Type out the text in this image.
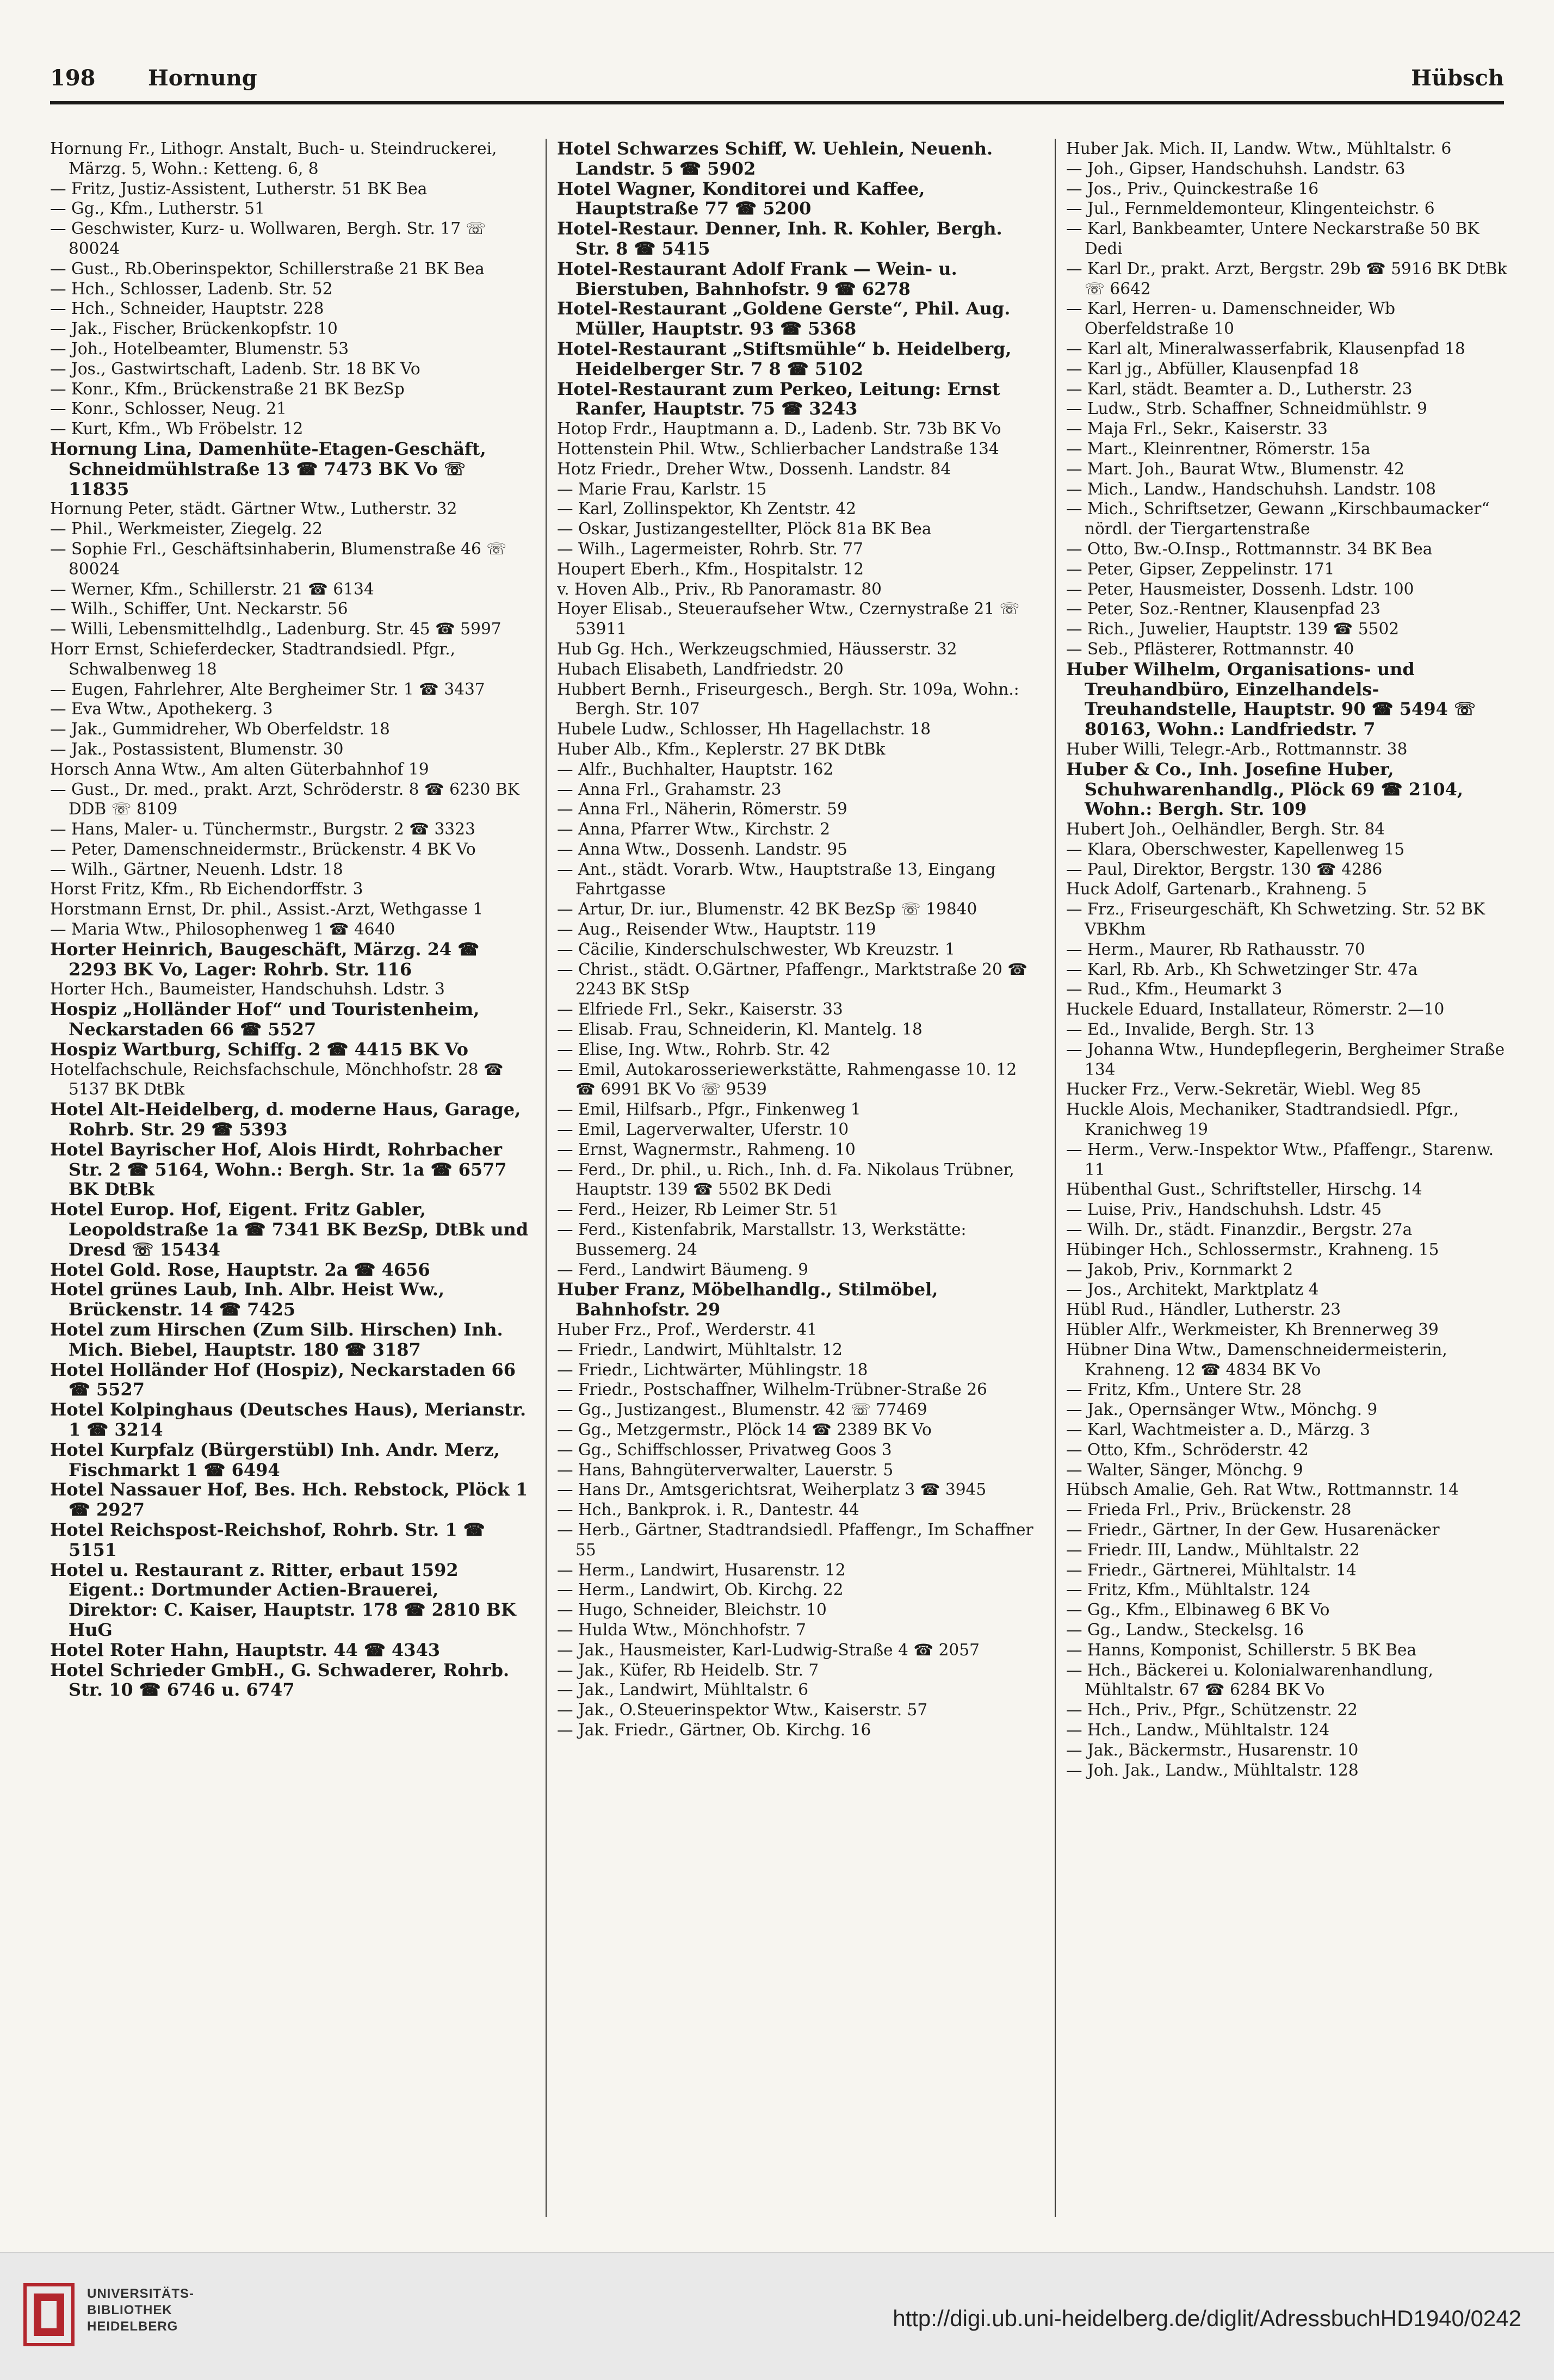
198 Hornung	Hübsch

Hornung Fr., Lithogr. Anstalt, Buch- u. Steindruckerei, Märzg. 5, Wohn.: Ketteng. 6, 8

— Fritz, Justiz-Assistent, Lutherstr. 51 BK Bea

— Gg., Kfm., Lutherstr. 51

— Geschwister, Kurz- u. Wollwaren, Bergh. Str. 17 ☏ 80024

— Gust., Rb.Oberinspektor, Schillerstraße 21 BK Bea

— Hch., Schlosser, Ladenb. Str. 52

— Hch., Schneider, Hauptstr. 228

— Jak., Fischer, Brückenkopfstr. 10

— Joh., Hotelbeamter, Blumenstr. 53

— Jos., Gastwirtschaft, Ladenb. Str. 18 BK Vo

— Konr., Kfm., Brückenstraße 21 BK BezSp

— Konr., Schlosser, Neug. 21

— Kurt, Kfm., Wb Fröbelstr. 12

Hornung Lina, Damenhüte-Etagen-Geschäft, Schneidmühlstraße 13 ☎ 7473 BK Vo ☏ 11835

Hornung Peter, städt. Gärtner Wtw., Lutherstr. 32

— Phil., Werkmeister, Ziegelg. 22

— Sophie Frl., Geschäftsinhaberin, Blumenstraße 46 ☏ 80024

— Werner, Kfm., Schillerstr. 21 ☎ 6134

— Wilh., Schiffer, Unt. Neckarstr. 56

— Willi, Lebensmittelhdlg., Ladenburg. Str. 45 ☎ 5997

Horr Ernst, Schieferdecker, Stadtrandsiedl. Pfgr., Schwalbenweg 18

— Eugen, Fahrlehrer, Alte Bergheimer Str. 1 ☎ 3437

— Eva Wtw., Apothekerg. 3

— Jak., Gummidreher, Wb Oberfeldstr. 18

— Jak., Postassistent, Blumenstr. 30

Horsch Anna Wtw., Am alten Güterbahnhof 19

— Gust., Dr. med., prakt. Arzt, Schröderstr. 8 ☎ 6230 BK DDB ☏ 8109

— Hans, Maler- u. Tünchermstr., Burgstr. 2 ☎ 3323

— Peter, Damenschneidermstr., Brückenstr. 4 BK Vo

— Wilh., Gärtner, Neuenh. Ldstr. 18

Horst Fritz, Kfm., Rb Eichendorffstr. 3

Horstmann Ernst, Dr. phil., Assist.-Arzt, Wethgasse 1

— Maria Wtw., Philosophenweg 1 ☎ 4640

Horter Heinrich, Baugeschäft, Märzg. 24 ☎ 2293 BK Vo, Lager: Rohrb. Str. 116

Horter Hch., Baumeister, Handschuhsh. Ldstr. 3

Hospiz „Holländer Hof“ und Touristenheim, Neckarstaden 66 ☎ 5527

Hospiz Wartburg, Schiffg. 2 ☎ 4415 BK Vo

Hotelfachschule, Reichsfachschule, Mönchhofstr. 28 ☎ 5137 BK DtBk

Hotel Alt-Heidelberg, d. moderne Haus, Garage, Rohrb. Str. 29 ☎ 5393

Hotel Bayrischer Hof, Alois Hirdt, Rohrbacher Str. 2 ☎ 5164, Wohn.: Bergh. Str. 1a ☎ 6577 BK DtBk

Hotel Europ. Hof, Eigent. Fritz Gabler, Leopoldstraße 1a ☎ 7341 BK BezSp, DtBk und Dresd ☏ 15434

Hotel Gold. Rose, Hauptstr. 2a ☎ 4656

Hotel grünes Laub, Inh. Albr. Heist Ww., Brückenstr. 14 ☎ 7425

Hotel zum Hirschen (Zum Silb. Hirschen) Inh. Mich. Biebel, Hauptstr. 180 ☎ 3187

Hotel Holländer Hof (Hospiz), Neckarstaden 66 ☎ 5527

Hotel Kolpinghaus (Deutsches Haus), Merianstr. 1 ☎ 3214

Hotel Kurpfalz (Bürgerstübl) Inh. Andr. Merz, Fischmarkt 1 ☎ 6494

Hotel Nassauer Hof, Bes. Hch. Rebstock, Plöck 1 ☎ 2927

Hotel Reichspost-Reichshof, Rohrb. Str. 1 ☎ 5151

Hotel u. Restaurant z. Ritter, erbaut 1592 Eigent.: Dortmunder Actien-Brauerei, Direktor: C. Kaiser, Hauptstr. 178 ☎ 2810 BK HuG

Hotel Roter Hahn, Hauptstr. 44 ☎ 4343

Hotel Schrieder GmbH., G. Schwaderer, Rohrb. Str. 10 ☎ 6746 u. 6747

Hotel Schwarzes Schiff, W. Uehlein, Neuenh. Landstr. 5 ☎ 5902

Hotel Wagner, Konditorei und Kaffee, Hauptstraße 77 ☎ 5200

Hotel-Restaur. Denner, Inh. R. Kohler, Bergh. Str. 8 ☎ 5415

Hotel-Restaurant Adolf Frank — Wein- u. Bierstuben, Bahnhofstr. 9 ☎ 6278

Hotel-Restaurant „Goldene Gerste“, Phil. Aug. Müller, Hauptstr. 93 ☎ 5368

Hotel-Restaurant „Stiftsmühle“ b. Heidelberg, Heidelberger Str. 7 8 ☎ 5102

Hotel-Restaurant zum Perkeo, Leitung: Ernst Ranfer, Hauptstr. 75 ☎ 3243

Hotop Frdr., Hauptmann a. D., Ladenb. Str. 73b BK Vo

Hottenstein Phil. Wtw., Schlierbacher Landstraße 134

Hotz Friedr., Dreher Wtw., Dossenh. Landstr. 84

— Marie Frau, Karlstr. 15

— Karl, Zollinspektor, Kh Zentstr. 42

— Oskar, Justizangestellter, Plöck 81a BK Bea

— Wilh., Lagermeister, Rohrb. Str. 77

Houpert Eberh., Kfm., Hospitalstr. 12

v. Hoven Alb., Priv., Rb Panoramastr. 80

Hoyer Elisab., Steueraufseher Wtw., Czernystraße 21 ☏ 53911

Hub Gg. Hch., Werkzeugschmied, Häusserstr. 32

Hubach Elisabeth, Landfriedstr. 20

Hubbert Bernh., Friseurgesch., Bergh. Str. 109a, Wohn.: Bergh. Str. 107

Hubele Ludw., Schlosser, Hh Hagellachstr. 18

Huber Alb., Kfm., Keplerstr. 27 BK DtBk

— Alfr., Buchhalter, Hauptstr. 162

— Anna Frl., Grahamstr. 23

— Anna Frl., Näherin, Römerstr. 59

— Anna, Pfarrer Wtw., Kirchstr. 2

— Anna Wtw., Dossenh. Landstr. 95

— Ant., städt. Vorarb. Wtw., Hauptstraße 13, Eingang Fahrtgasse

— Artur, Dr. iur., Blumenstr. 42 BK BezSp ☏ 19840

— Aug., Reisender Wtw., Hauptstr. 119

— Cäcilie, Kinderschulschwester, Wb Kreuzstr. 1

— Christ., städt. O.Gärtner, Pfaffengr., Marktstraße 20 ☎ 2243 BK StSp

— Elfriede Frl., Sekr., Kaiserstr. 33

— Elisab. Frau, Schneiderin, Kl. Mantelg. 18

— Elise, Ing. Wtw., Rohrb. Str. 42

— Emil, Autokarosseriewerkstätte, Rahmengasse 10. 12 ☎ 6991 BK Vo ☏ 9539

— Emil, Hilfsarb., Pfgr., Finkenweg 1

— Emil, Lagerverwalter, Uferstr. 10

— Ernst, Wagnermstr., Rahmeng. 10

— Ferd., Dr. phil., u. Rich., Inh. d. Fa. Nikolaus Trübner, Hauptstr. 139 ☎ 5502 BK Dedi

— Ferd., Heizer, Rb Leimer Str. 51

— Ferd., Kistenfabrik, Marstallstr. 13, Werkstätte: Bussemerg. 24

— Ferd., Landwirt Bäumeng. 9

Huber Franz, Möbelhandlg., Stilmöbel, Bahnhofstr. 29

Huber Frz., Prof., Werderstr. 41

— Friedr., Landwirt, Mühltalstr. 12

— Friedr., Lichtwärter, Mühlingstr. 18

— Friedr., Postschaffner, Wilhelm-Trübner-Straße 26

— Gg., Justizangest., Blumenstr. 42 ☏ 77469

— Gg., Metzgermstr., Plöck 14 ☎ 2389 BK Vo

— Gg., Schiffschlosser, Privatweg Goos 3

— Hans, Bahngüterverwalter, Lauerstr. 5

— Hans Dr., Amtsgerichtsrat, Weiherplatz 3 ☎ 3945

— Hch., Bankprok. i. R., Dantestr. 44

— Herb., Gärtner, Stadtrandsiedl. Pfaffengr., Im Schaffner 55

— Herm., Landwirt, Husarenstr. 12

— Herm., Landwirt, Ob. Kirchg. 22

— Hugo, Schneider, Bleichstr. 10

— Hulda Wtw., Mönchhofstr. 7

— Jak., Hausmeister, Karl-Ludwig-Straße 4 ☎ 2057

— Jak., Küfer, Rb Heidelb. Str. 7

— Jak., Landwirt, Mühltalstr. 6

— Jak., O.Steuerinspektor Wtw., Kaiserstr. 57

— Jak. Friedr., Gärtner, Ob. Kirchg. 16

Huber Jak. Mich. II, Landw. Wtw., Mühltalstr. 6

— Joh., Gipser, Handschuhsh. Landstr. 63

— Jos., Priv., Quinckestraße 16

— Jul., Fernmeldemonteur, Klingenteichstr. 6

— Karl, Bankbeamter, Untere Neckarstraße 50 BK Dedi

— Karl Dr., prakt. Arzt, Bergstr. 29b ☎ 5916 BK DtBk ☏ 6642

— Karl, Herren- u. Damenschneider, Wb Oberfeldstraße 10

— Karl alt, Mineralwasserfabrik, Klausenpfad 18

— Karl jg., Abfüller, Klausenpfad 18

— Karl, städt. Beamter a. D., Lutherstr. 23

— Ludw., Strb. Schaffner, Schneidmühlstr. 9

— Maja Frl., Sekr., Kaiserstr. 33

— Mart., Kleinrentner, Römerstr. 15a

— Mart. Joh., Baurat Wtw., Blumenstr. 42

— Mich., Landw., Handschuhsh. Landstr. 108

— Mich., Schriftsetzer, Gewann „Kirschbaumacker“ nördl. der Tiergartenstraße

— Otto, Bw.-O.Insp., Rottmannstr. 34 BK Bea

— Peter, Gipser, Zeppelinstr. 171

— Peter, Hausmeister, Dossenh. Ldstr. 100

— Peter, Soz.-Rentner, Klausenpfad 23

— Rich., Juwelier, Hauptstr. 139 ☎ 5502

— Seb., Pflästerer, Rottmannstr. 40

Huber Wilhelm, Organisations- und Treuhandbüro, Einzelhandels-Treuhandstelle, Hauptstr. 90 ☎ 5494 ☏ 80163, Wohn.: Landfriedstr. 7

Huber Willi, Telegr.-Arb., Rottmannstr. 38

Huber & Co., Inh. Josefine Huber, Schuhwarenhandlg., Plöck 69 ☎ 2104, Wohn.: Bergh. Str. 109

Hubert Joh., Oelhändler, Bergh. Str. 84

— Klara, Oberschwester, Kapellenweg 15

— Paul, Direktor, Bergstr. 130 ☎ 4286

Huck Adolf, Gartenarb., Krahneng. 5

— Frz., Friseurgeschäft, Kh Schwetzing. Str. 52 BK VBKhm

— Herm., Maurer, Rb Rathausstr. 70

— Karl, Rb. Arb., Kh Schwetzinger Str. 47a

— Rud., Kfm., Heumarkt 3

Huckele Eduard, Installateur, Römerstr. 2—10

— Ed., Invalide, Bergh. Str. 13

— Johanna Wtw., Hundepflegerin, Bergheimer Straße 134

Hucker Frz., Verw.-Sekretär, Wiebl. Weg 85

Huckle Alois, Mechaniker, Stadtrandsiedl. Pfgr., Kranichweg 19

— Herm., Verw.-Inspektor Wtw., Pfaffengr., Starenw. 11

Hübenthal Gust., Schriftsteller, Hirschg. 14

— Luise, Priv., Handschuhsh. Ldstr. 45

— Wilh. Dr., städt. Finanzdir., Bergstr. 27a

Hübinger Hch., Schlossermstr., Krahneng. 15

— Jakob, Priv., Kornmarkt 2

— Jos., Architekt, Marktplatz 4

Hübl Rud., Händler, Lutherstr. 23

Hübler Alfr., Werkmeister, Kh Brennerweg 39

Hübner Dina Wtw., Damenschneidermeisterin, Krahneng. 12 ☎ 4834 BK Vo

— Fritz, Kfm., Untere Str. 28

— Jak., Opernsänger Wtw., Mönchg. 9

— Karl, Wachtmeister a. D., Märzg. 3

— Otto, Kfm., Schröderstr. 42

— Walter, Sänger, Mönchg. 9

Hübsch Amalie, Geh. Rat Wtw., Rottmannstr. 14

— Frieda Frl., Priv., Brückenstr. 28

— Friedr., Gärtner, In der Gew. Husarenäcker

— Friedr. III, Landw., Mühltalstr. 22

— Friedr., Gärtnerei, Mühltalstr. 14

— Fritz, Kfm., Mühltalstr. 124

— Gg., Kfm., Elbinaweg 6 BK Vo

— Gg., Landw., Steckelsg. 16

— Hanns, Komponist, Schillerstr. 5 BK Bea

— Hch., Bäckerei u. Kolonialwarenhandlung, Mühltalstr. 67 ☎ 6284 BK Vo

— Hch., Priv., Pfgr., Schützenstr. 22

— Hch., Landw., Mühltalstr. 124

— Jak., Bäckermstr., Husarenstr. 10

— Joh. Jak., Landw., Mühltalstr. 128

UNIVERSITÄTS-
BIBLIOTHEK
HEIDELBERG	http://digi.ub.uni-heidelberg.de/diglit/AdressbuchHD1940/0242
